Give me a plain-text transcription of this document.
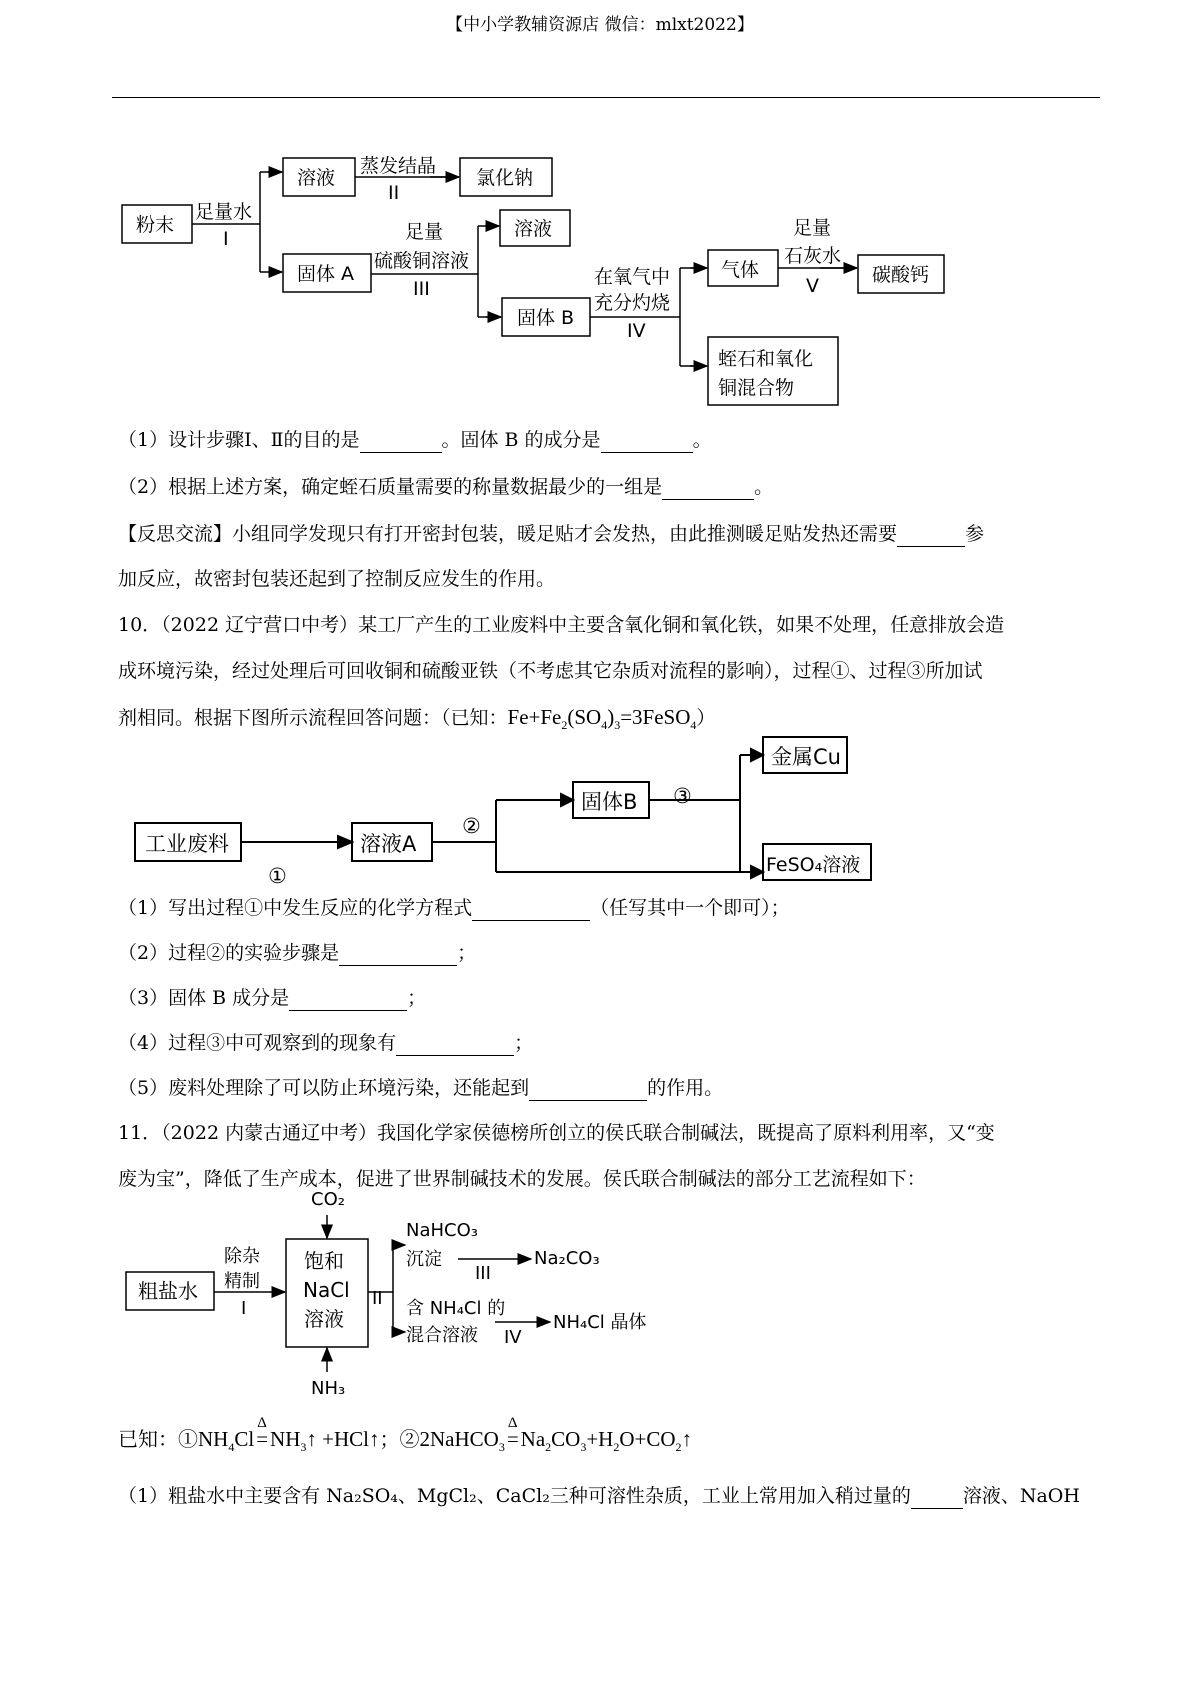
【中小学教辅资源店 微信：mlxt2022】
粉末
足量水
I
溶液
蒸发结晶
II
氯化钠
固体 A
足量
硫酸铜溶液
III
溶液
固体 B
在氧气中
充分灼烧
IV
气体
足量
石灰水
V	碳酸钙
蛭石和氧化
铜混合物
（1）设计步骤Ⅰ、Ⅱ的目的是	。固体 B 的成分是	。
（2）根据上述方案，确定蛭石质量需要的称量数据最少的一组是	。
【反思交流】小组同学发现只有打开密封包装，暖足贴才会发热，由此推测暖足贴发热还需要	参
加反应，故密封包装还起到了控制反应发生的作用。
10．（2022 辽宁营口中考）某工厂产生的工业废料中主要含氧化铜和氧化铁，如果不处理，任意排放会造
成环境污染，经过处理后可回收铜和硫酸亚铁（不考虑其它杂质对流程的影响），过程①、过程③所加试
剂相同。根据下图所示流程回答问题：（已知：$Fe+Fe_2(SO_4)_3=3FeSO_4$）
工业废料	溶液A
固体B
金属Cu
FeSO₄溶液
①
②
③
（1）写出过程①中发生反应的化学方程式	（任写其中一个即可）；
（2）过程②的实验步骤是	；
（3）固体 B 成分是	；
（4）过程③中可观察到的现象有	；
（5）废料处理除了可以防止环境污染，还能起到	的作用。
11．（2022 内蒙古通辽中考）我国化学家侯德榜所创立的侯氏联合制碱法，既提高了原料利用率，又“变
废为宝”，降低了生产成本，促进了世界制碱技术的发展。侯氏联合制碱法的部分工艺流程如下：
粗盐水
除杂
精制
I
CO₂
NH₃
饱和
NaCl
溶液
II
NaHCO₃
沉淀
III
Na₂CO₃
含 NH₄Cl 的
混合溶液 IV
NH₄Cl 晶体
已知：$①NH_4Cl=$
Δ
$NH_3↑$ +HCl↑；②2NaHCO$_3$=
Δ
$Na_2CO_3+H_2O+CO_2↑$
（1）粗盐水中主要含有 Na₂SO₄、MgCl₂、CaCl₂三种可溶性杂质，工业上常用加入稍过量的	溶液、NaOH
